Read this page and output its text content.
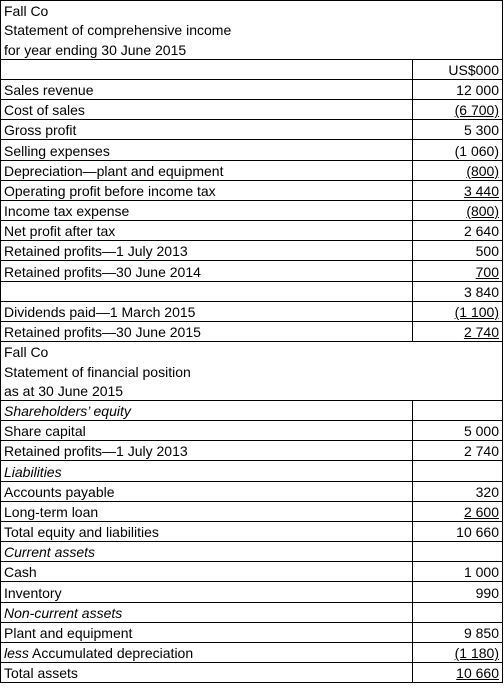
Fall Co	
Statement of comprehensive income	
for year ending 30 June 2015	
	US$000
Sales revenue	12 000
Cost of sales	(6 700)
Gross profit	5 300
Selling expenses	(1 060)
Depreciation—plant and equipment	(800)
Operating profit before income tax	3 440
Income tax expense	(800)
Net profit after tax	2 640
Retained profits—1 July 2013	500
Retained profits—30 June 2014	700
	3 840
Dividends paid—1 March 2015	(1 100)
Retained profits—30 June 2015	2 740
Fall Co	
Statement of financial position	
as at 30 June 2015	
Shareholders’ equity	
Share capital	5 000
Retained profits—1 July 2013	2 740
Liabilities	
Accounts payable	320
Long-term loan	2 600
Total equity and liabilities	10 660
Current assets	
Cash	1 000
Inventory	990
Non-current assets	
Plant and equipment	9 850
less Accumulated depreciation	(1 180)
Total assets	10 660
